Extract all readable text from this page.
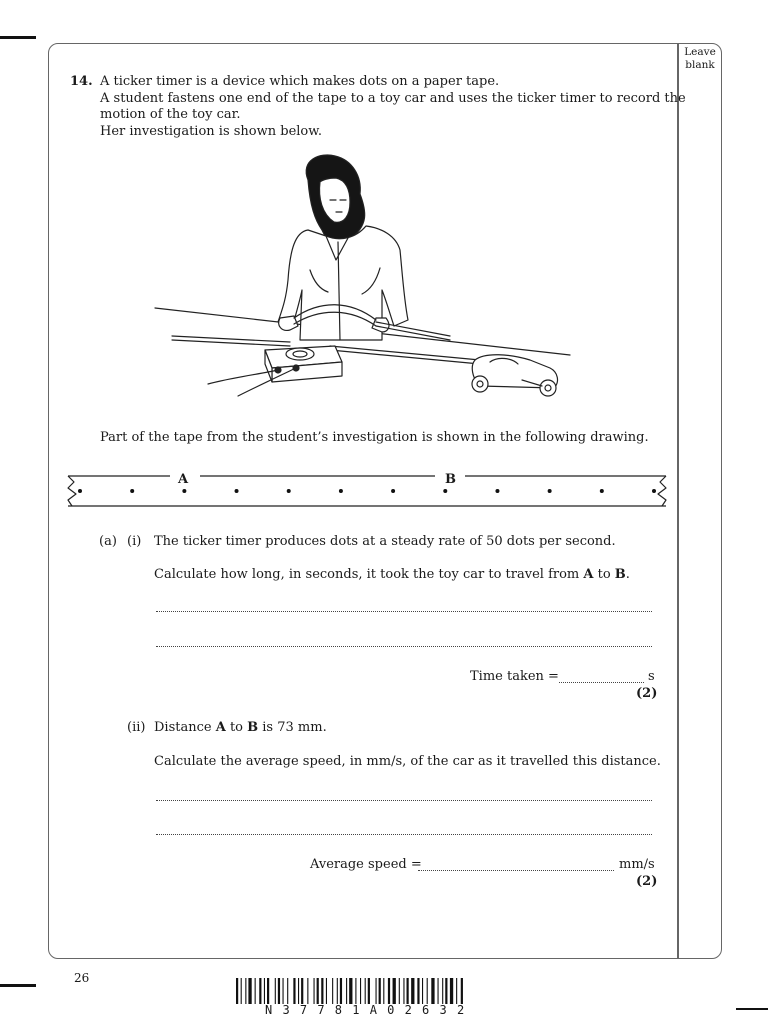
Leave
blank
14. A ticker timer is a device which makes dots on a paper tape.
A student fastens one end of the tape to a toy car and uses the ticker timer to record the
motion of the toy car.
Her investigation is shown below.
Part of the tape from the student’s investigation is shown in the following drawing.
A	B
(a) (i) The ticker timer produces dots at a steady rate of 50 dots per second.
Calculate how long, in seconds, it took the toy car to travel from A to B.
Time taken =	s
(2)
(ii) Distance A to B is 73 mm.
Calculate the average speed, in mm/s, of the car as it travelled this distance.
Average speed =	mm/s
(2)
26
N 3 7 7 8 1 A 0 2 6 3 2
